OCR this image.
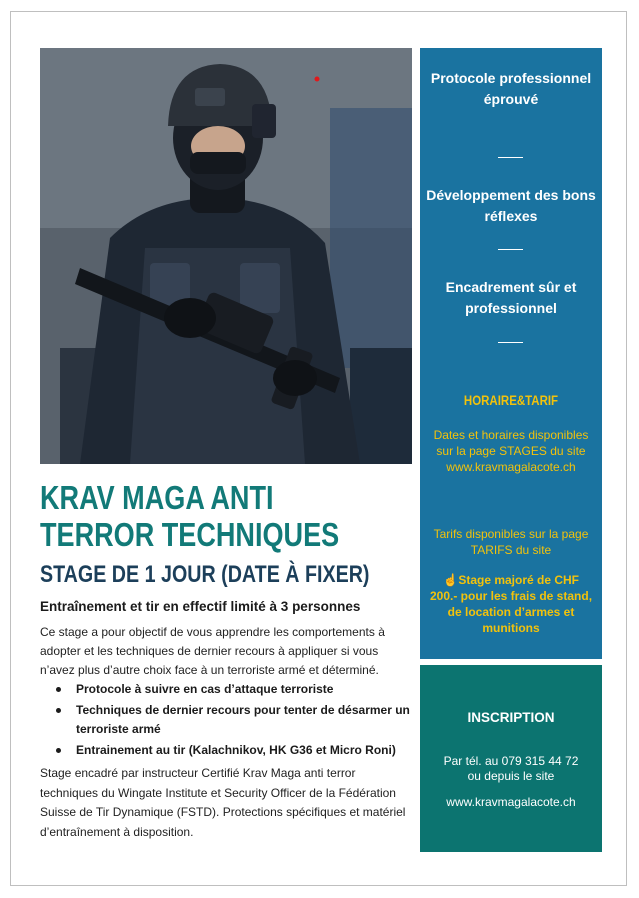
KRAV MAGA ANTI
TERROR TECHNIQUES
STAGE DE 1 JOUR (DATE À FIXER)

Entraînement et tir en effectif limité à 3 personnes

Ce stage a pour objectif de vous apprendre les comportements à adopter et les techniques de dernier recours à appliquer si vous n’avez plus d’autre choix face à un terroriste armé et déterminé.

Protocole à suivre en cas d’attaque terroriste
Techniques de dernier recours pour tenter de désarmer un terroriste armé
Entrainement au tir (Kalachnikov, HK G36 et Micro Roni)

Stage encadré par instructeur Certifié Krav Maga anti terror techniques du Wingate Institute et Security Officer de la Fédération Suisse de Tir Dynamique (FSTD). Protections spécifiques et matériel d’entraînement à disposition.

Protocole professionnel éprouvé
Développement des bons réflexes
Encadrement sûr et professionnel
HORAIRE&TARIF
Dates et horaires disponibles sur la page STAGES du site www.kravmagalacote.ch
Tarifs disponibles sur la page TARIFS du site
☝ Stage majoré de CHF 200.- pour les frais de stand, de location d’armes et munitions
INSCRIPTION
Par tél. au 079 315 44 72
ou depuis le site
www.kravmagalacote.ch
